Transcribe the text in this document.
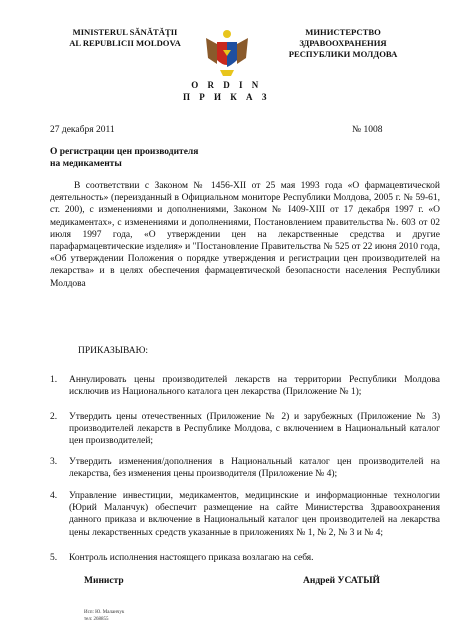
MINISTERUL SĂNĂTĂŢII
AL REPUBLICII MOLDOVA
МИНИСТЕРСТВО
ЗДРАВООХРАНЕНИЯ
РЕСПУБЛИКИ МОЛДОВА
O R D I N
П Р И К А З
27 декабря 2011	№ 1008
О регистрации цен производителя
на медикаменты
В соответствии с Законом № 1456-XII от 25 мая 1993 года «О фармацевтической деятельность» (переизданный в Официальном мониторе Республики Молдова, 2005 г. № 59-61, ст. 200), с изменениями и дополнениями, Законом № I409-XIII от 17 декабря 1997 г. «О медикаментах», с изменениями и дополнениями, Постановлением правительства №. 603 от 02 июля 1997 года, «О утверждении цен на лекарственные средства и другие парафармацевтические изделия» и "Постановление Правительства № 525 от 22 июня 2010 года, «Об утверждении Положения о порядке утверждения и регистрации цен производителей на лекарства» и в целях обеспечения фармацевтической безопасности населения Республики Молдова
ПРИКАЗЫВАЮ:
1.	Аннулировать цены производителей лекарств на территории Республики Молдова исключив из Национального каталога цен лекарства (Приложение № 1);
2.	Утвердить цены отечественных (Приложение № 2) и зарубежных (Приложение № 3) производителей лекарств в Республике Молдова, с включением в Национальный каталог цен производителей;
3.	Утвердить изменения/дополнения в Национальный каталог цен производителей на лекарства, без изменения цены производителя (Приложение № 4);
4.	Управление инвестиции, медикаментов, медицинские и информационные технологии (Юрий Маланчук) обеспечит размещение на сайте Министерства Здравоохранения данного приказа и включение в Национальный каталог цен производителей на лекарства цены лекарственных средств указанные в приложениях № 1, № 2, № 3 и № 4;
5.	Контроль исполнения настоящего приказа возлагаю на себя.
Министр	Андрей УСАТЫЙ
Исп: Ю. Маланчук
тел: 268855
